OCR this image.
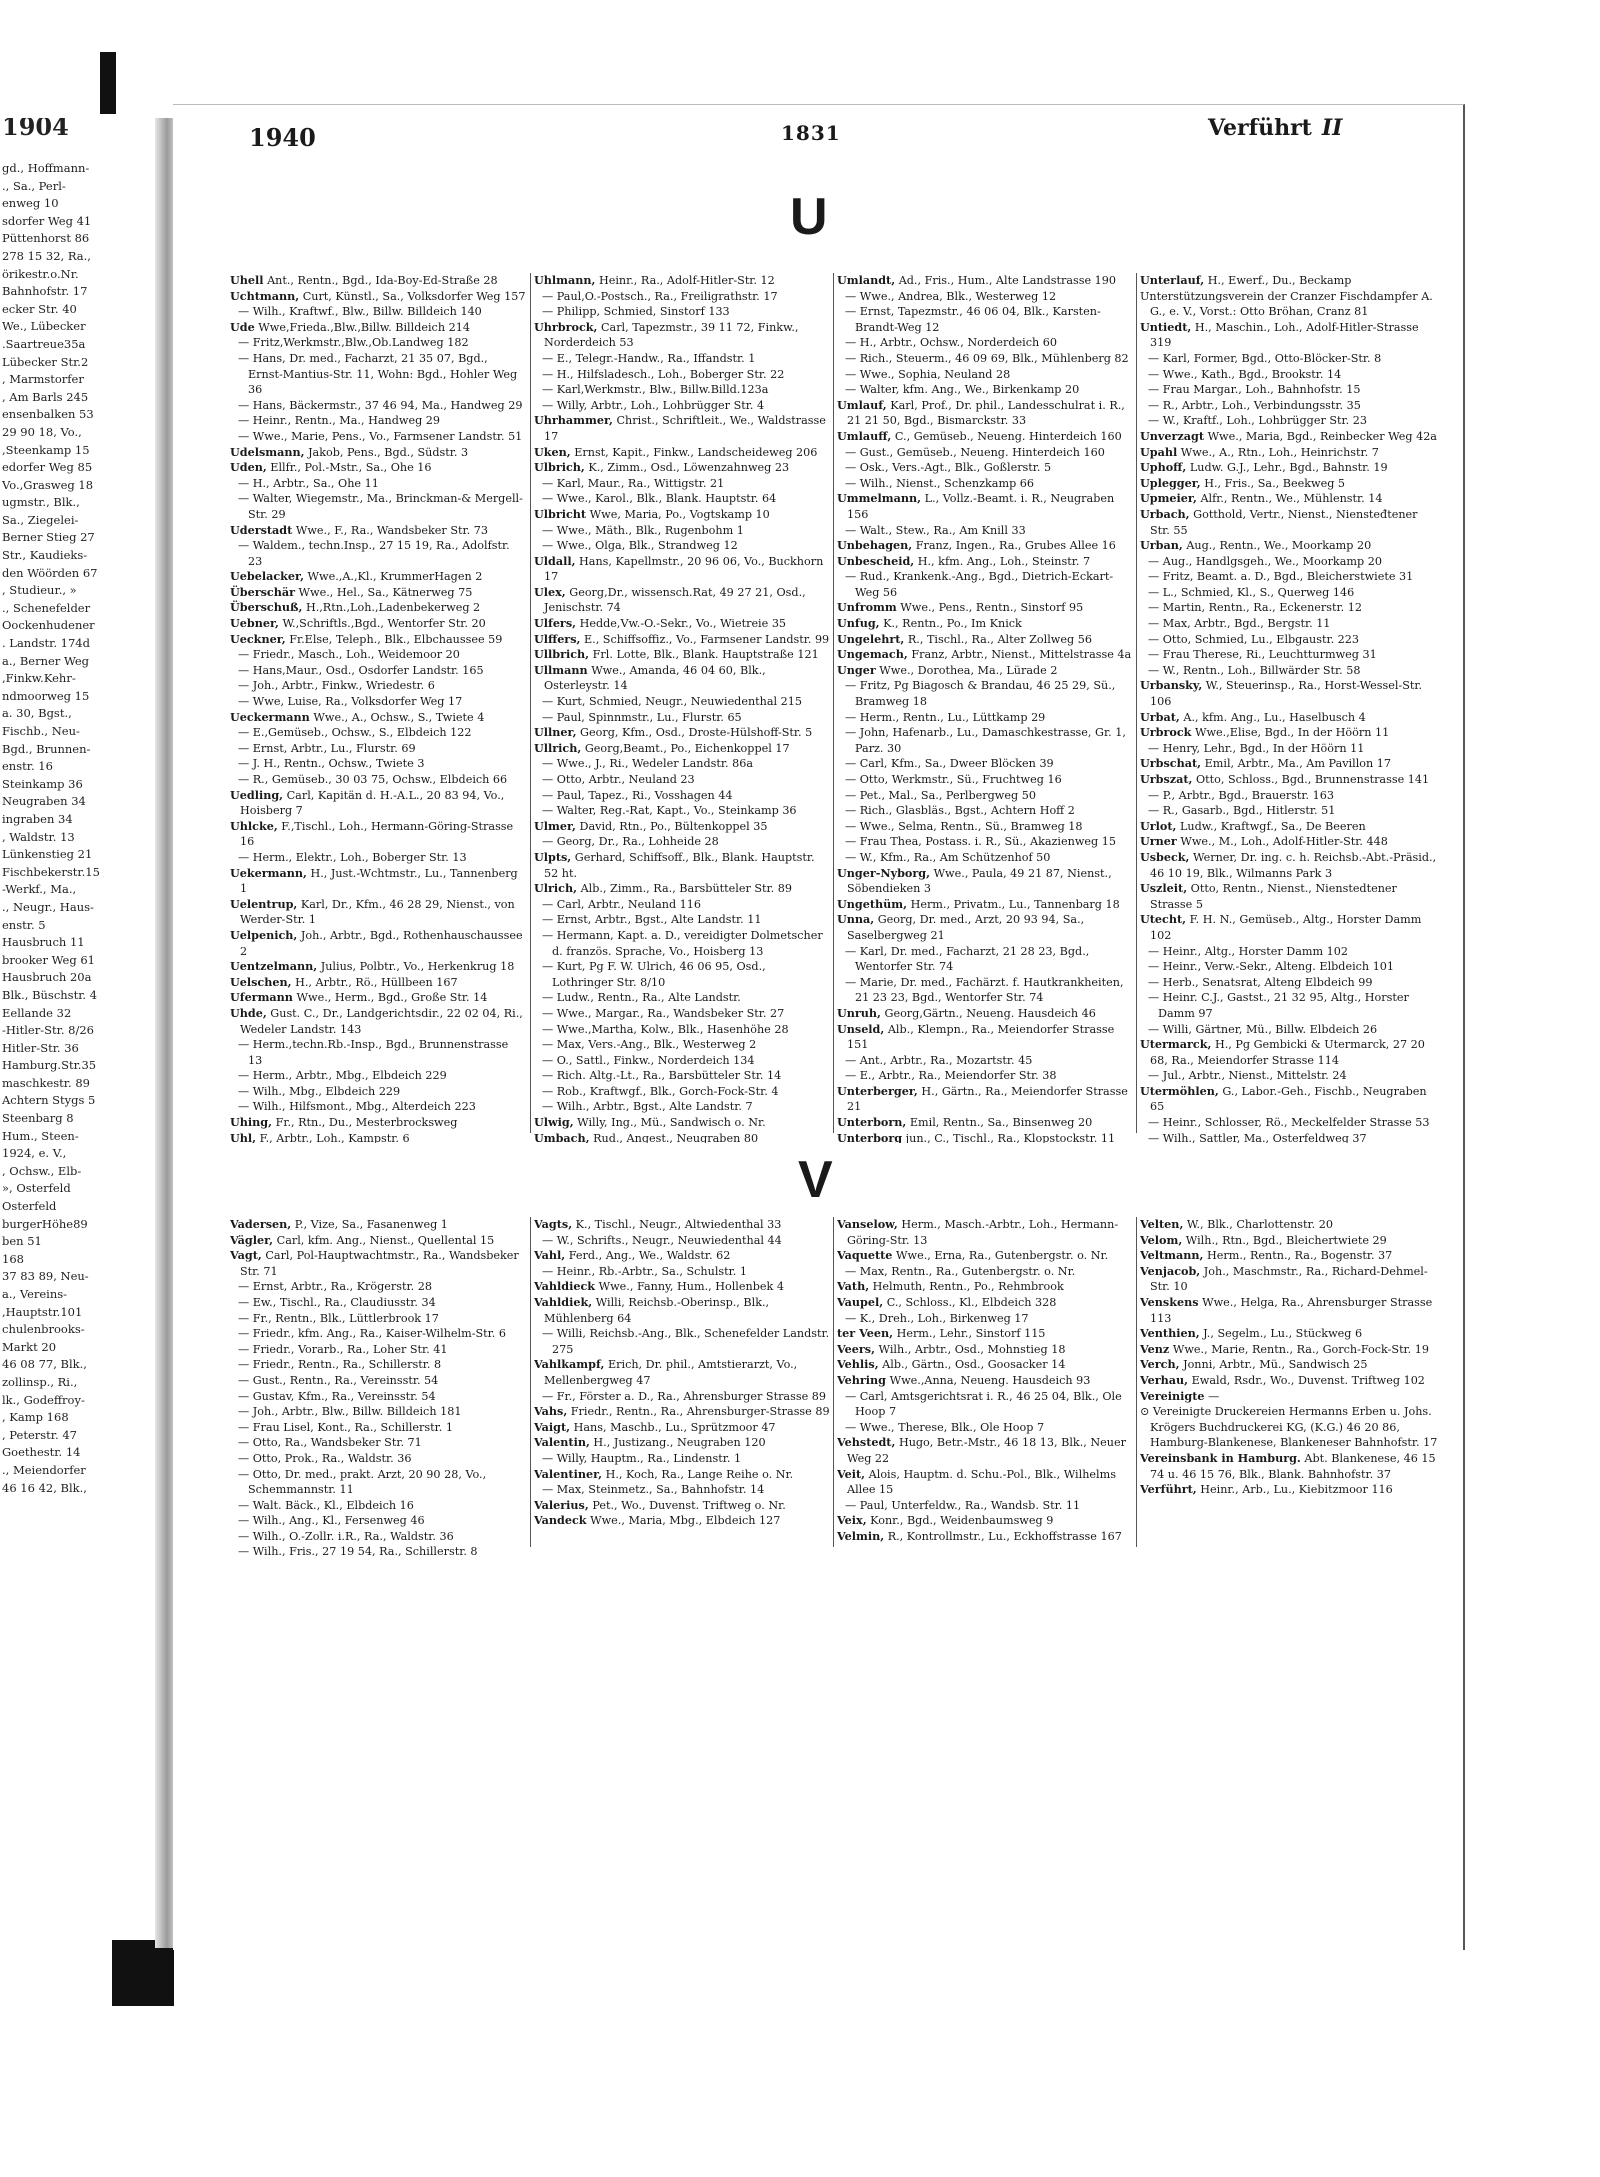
1904
gd., Hoffmann-
., Sa., Perl-
enweg 10
sdorfer Weg 41
Püttenhorst 86
278 15 32, Ra.,
örikestr.o.Nr.
Bahnhofstr. 17
ecker Str. 40
We., Lübecker
.Saartreue35a
Lübecker Str.2
, Marmstorfer
, Am Barls 245
ensenbalken 53
29 90 18, Vo.,
,Steenkamp 15
edorfer Weg 85
Vo.,Grasweg 18
ugmstr., Blk.,
Sa., Ziegelei-
Berner Stieg 27
Str., Kaudieks-
den Wöörden 67
, Studieur., »
., Schenefelder
Oockenhudener
. Landstr. 174d
a., Berner Weg
,Finkw.Kehr-
ndmoorweg 15
a. 30, Bgst.,
Fischb., Neu-
Bgd., Brunnen-
enstr. 16
Steinkamp 36
Neugraben 34
ingraben 34
, Waldstr. 13
Lünkenstieg 21
Fischbekerstr.15
-Werkf., Ma.,
., Neugr., Haus-
enstr. 5
Hausbruch 11
brooker Weg 61
Hausbruch 20a
Blk., Büschstr. 4
Eellande 32
-Hitler-Str. 8/26
Hitler-Str. 36
Hamburg.Str.35
maschkestr. 89
Achtern Stygs 5
Steenbarg 8
Hum., Steen-
1924, e. V.,
, Ochsw., Elb-
», Osterfeld
Osterfeld
burgerHöhe89
ben 51
168
37 83 89, Neu-
a., Vereins-
,Hauptstr.101
chulenbrooks-
Markt 20
46 08 77, Blk.,
zollinsp., Ri.,
lk., Godeffroy-
, Kamp 168
, Peterstr. 47
Goethestr. 14
., Meiendorfer
46 16 42, Blk.,
1940	1831	Verführt II
U
Uhell Ant., Rentn., Bgd., Ida-Boy-Ed-Straße 28
Uchtmann, Curt, Künstl., Sa., Volksdorfer Weg 157
— Wilh., Kraftwf., Blw., Billw. Billdeich 140
Ude Wwe,Frieda.,Blw.,Billw. Billdeich 214
— Fritz,Werkmstr.,Blw.,Ob.Landweg 182
— Hans, Dr. med., Facharzt, 21 35 07, Bgd., Ernst-Mantius-Str. 11, Wohn: Bgd., Hohler Weg 36
— Hans, Bäckermstr., 37 46 94, Ma., Handweg 29
— Heinr., Rentn., Ma., Handweg 29
— Wwe., Marie, Pens., Vo., Farmsener Landstr. 51
Udelsmann, Jakob, Pens., Bgd., Südstr. 3
Uden, Ellfr., Pol.-Mstr., Sa., Ohe 16
— H., Arbtr., Sa., Ohe 11
— Walter, Wiegemstr., Ma., Brinckman-& Mergell-Str. 29
Uderstadt Wwe., F., Ra., Wandsbeker Str. 73
— Waldem., techn.Insp., 27 15 19, Ra., Adolfstr. 23
Uebelacker, Wwe.,A.,Kl., KrummerHagen 2
Überschär Wwe., Hel., Sa., Kätnerweg 75
Überschuß, H.,Rtn.,Loh.,Ladenbekerweg 2
Uebner, W.,Schriftls.,Bgd., Wentorfer Str. 20
Ueckner, Fr.Else, Teleph., Blk., Elbchaussee 59
— Friedr., Masch., Loh., Weidemoor 20
— Hans,Maur., Osd., Osdorfer Landstr. 165
— Joh., Arbtr., Finkw., Wriedestr. 6
— Wwe, Luise, Ra., Volksdorfer Weg 17
Ueckermann Wwe., A., Ochsw., S., Twiete 4
— E.,Gemüseb., Ochsw., S., Elbdeich 122
— Ernst, Arbtr., Lu., Flurstr. 69
— J. H., Rentn., Ochsw., Twiete 3
— R., Gemüseb., 30 03 75, Ochsw., Elbdeich 66
Uedling, Carl, Kapitän d. H.-A.L., 20 83 94, Vo., Hoisberg 7
Uhlcke, F.,Tischl., Loh., Hermann-Göring-Strasse 16
— Herm., Elektr., Loh., Boberger Str. 13
Uekermann, H., Just.-Wchtmstr., Lu., Tannenberg 1
Uelentrup, Karl, Dr., Kfm., 46 28 29, Nienst., von Werder-Str. 1
Uelpenich, Joh., Arbtr., Bgd., Rothenhauschaussee 2
Uentzelmann, Julius, Polbtr., Vo., Herkenkrug 18
Uelschen, H., Arbtr., Rö., Hüllbeen 167
Ufermann Wwe., Herm., Bgd., Große Str. 14
Uhde, Gust. C., Dr., Landgerichtsdir., 22 02 04, Ri., Wedeler Landstr. 143
— Herm.,techn.Rb.-Insp., Bgd., Brunnenstrasse 13
— Herm., Arbtr., Mbg., Elbdeich 229
— Wilh., Mbg., Elbdeich 229
— Wilh., Hilfsmont., Mbg., Alterdeich 223
Uhing, Fr., Rtn., Du., Mesterbrocksweg
Uhl, F., Arbtr., Loh., Kampstr. 6
Uhlmann, Heinr., Ra., Adolf-Hitler-Str. 12
— Paul,O.-Postsch., Ra., Freiligrathstr. 17
— Philipp, Schmied, Sinstorf 133
Uhrbrock, Carl, Tapezmstr., 39 11 72, Finkw., Norderdeich 53
— E., Telegr.-Handw., Ra., Iffandstr. 1
— H., Hilfsladesch., Loh., Boberger Str. 22
— Karl,Werkmstr., Blw., Billw.Billd.123a
— Willy, Arbtr., Loh., Lohbrügger Str. 4
Uhrhammer, Christ., Schriftleit., We., Waldstrasse 17
Uken, Ernst, Kapit., Finkw., Landscheideweg 206
Ulbrich, K., Zimm., Osd., Löwenzahnweg 23
— Karl, Maur., Ra., Wittigstr. 21
— Wwe., Karol., Blk., Blank. Hauptstr. 64
Ulbricht Wwe, Maria, Po., Vogtskamp 10
— Wwe., Mäth., Blk., Rugenbohm 1
— Wwe., Olga, Blk., Strandweg 12
Uldall, Hans, Kapellmstr., 20 96 06, Vo., Buckhorn 17
Ulex, Georg,Dr., wissensch.Rat, 49 27 21, Osd., Jenischstr. 74
Ulfers, Hedde,Vw.-O.-Sekr., Vo., Wietreie 35
Ulffers, E., Schiffsoffiz., Vo., Farmsener Landstr. 99
Ullbrich, Frl. Lotte, Blk., Blank. Hauptstraße 121
Ullmann Wwe., Amanda, 46 04 60, Blk., Osterleystr. 14
— Kurt, Schmied, Neugr., Neuwiedenthal 215
— Paul, Spinnmstr., Lu., Flurstr. 65
Ullner, Georg, Kfm., Osd., Droste-Hülshoff-Str. 5
Ullrich, Georg,Beamt., Po., Eichenkoppel 17
— Wwe., J., Ri., Wedeler Landstr. 86a
— Otto, Arbtr., Neuland 23
— Paul, Tapez., Ri., Vosshagen 44
— Walter, Reg.-Rat, Kapt., Vo., Steinkamp 36
Ulmer, David, Rtn., Po., Bültenkoppel 35
— Georg, Dr., Ra., Lohheide 28
Ulpts, Gerhard, Schiffsoff., Blk., Blank. Hauptstr. 52 ht.
Ulrich, Alb., Zimm., Ra., Barsbütteler Str. 89
— Carl, Arbtr., Neuland 116
— Ernst, Arbtr., Bgst., Alte Landstr. 11
— Hermann, Kapt. a. D., vereidigter Dolmetscher d. französ. Sprache, Vo., Hoisberg 13
— Kurt, Pg F. W. Ulrich, 46 06 95, Osd., Lothringer Str. 8/10
— Ludw., Rentn., Ra., Alte Landstr.
— Wwe., Margar., Ra., Wandsbeker Str. 27
— Wwe.,Martha, Kolw., Blk., Hasenhöhe 28
— Max, Vers.-Ang., Blk., Westerweg 2
— O., Sattl., Finkw., Norderdeich 134
— Rich. Altg.-Lt., Ra., Barsbütteler Str. 14
— Rob., Kraftwgf., Blk., Gorch-Fock-Str. 4
— Wilh., Arbtr., Bgst., Alte Landstr. 7
Ulwig, Willy, Ing., Mü., Sandwisch o. Nr.
Umbach, Rud., Angest., Neugraben 80
Umlandt, Ad., Fris., Hum., Alte Landstrasse 190
— Wwe., Andrea, Blk., Westerweg 12
— Ernst, Tapezmstr., 46 06 04, Blk., Karsten-Brandt-Weg 12
— H., Arbtr., Ochsw., Norderdeich 60
— Rich., Steuerm., 46 09 69, Blk., Mühlenberg 82
— Wwe., Sophia, Neuland 28
— Walter, kfm. Ang., We., Birkenkamp 20
Umlauf, Karl, Prof., Dr. phil., Landesschulrat i. R., 21 21 50, Bgd., Bismarckstr. 33
Umlauff, C., Gemüseb., Neueng. Hinterdeich 160
— Gust., Gemüseb., Neueng. Hinterdeich 160
— Osk., Vers.-Agt., Blk., Goßlerstr. 5
— Wilh., Nienst., Schenzkamp 66
Ummelmann, L., Vollz.-Beamt. i. R., Neugraben 156
— Walt., Stew., Ra., Am Knill 33
Unbehagen, Franz, Ingen., Ra., Grubes Allee 16
Unbescheid, H., kfm. Ang., Loh., Steinstr. 7
— Rud., Krankenk.-Ang., Bgd., Dietrich-Eckart-Weg 56
Unfromm Wwe., Pens., Rentn., Sinstorf 95
Unfug, K., Rentn., Po., Im Knick
Ungelehrt, R., Tischl., Ra., Alter Zollweg 56
Ungemach, Franz, Arbtr., Nienst., Mittelstrasse 4a
Unger Wwe., Dorothea, Ma., Lürade 2
— Fritz, Pg Biagosch & Brandau, 46 25 29, Sü., Bramweg 18
— Herm., Rentn., Lu., Lüttkamp 29
— John, Hafenarb., Lu., Damaschkestrasse, Gr. 1, Parz. 30
— Carl, Kfm., Sa., Dweer Blöcken 39
— Otto, Werkmstr., Sü., Fruchtweg 16
— Pet., Mal., Sa., Perlbergweg 50
— Rich., Glasbläs., Bgst., Achtern Hoff 2
— Wwe., Selma, Rentn., Sü., Bramweg 18
— Frau Thea, Postass. i. R., Sü., Akazienweg 15
— W., Kfm., Ra., Am Schützenhof 50
Unger-Nyborg, Wwe., Paula, 49 21 87, Nienst., Söbendieken 3
Ungethüm, Herm., Privatm., Lu., Tannenbarg 18
Unna, Georg, Dr. med., Arzt, 20 93 94, Sa., Saselbergweg 21
— Karl, Dr. med., Facharzt, 21 28 23, Bgd., Wentorfer Str. 74
— Marie, Dr. med., Fachärzt. f. Hautkrankheiten, 21 23 23, Bgd., Wentorfer Str. 74
Unruh, Georg,Gärtn., Neueng. Hausdeich 46
Unseld, Alb., Klempn., Ra., Meiendorfer Strasse 151
— Ant., Arbtr., Ra., Mozartstr. 45
— E., Arbtr., Ra., Meiendorfer Str. 38
Unterberger, H., Gärtn., Ra., Meiendorfer Strasse 21
Unterborn, Emil, Rentn., Sa., Binsenweg 20
Unterborg jun., C., Tischl., Ra., Klopstockstr. 11
Unterlauf, H., Ewerf., Du., Beckamp
Unterstützungsverein der Cranzer Fischdampfer A. G., e. V., Vorst.: Otto Bröhan, Cranz 81
Untiedt, H., Maschin., Loh., Adolf-Hitler-Strasse 319
— Karl, Former, Bgd., Otto-Blöcker-Str. 8
— Wwe., Kath., Bgd., Brookstr. 14
— Frau Margar., Loh., Bahnhofstr. 15
— R., Arbtr., Loh., Verbindungsstr. 35
— W., Kraftf., Loh., Lohbrügger Str. 23
Unverzagt Wwe., Maria, Bgd., Reinbecker Weg 42a
Upahl Wwe., A., Rtn., Loh., Heinrichstr. 7
Uphoff, Ludw. G.J., Lehr., Bgd., Bahnstr. 19
Uplegger, H., Fris., Sa., Beekweg 5
Upmeier, Alfr., Rentn., We., Mühlenstr. 14
Urbach, Gotthold, Vertr., Nienst., Niensteđtener Str. 55
Urban, Aug., Rentn., We., Moorkamp 20
— Aug., Handlgsgeh., We., Moorkamp 20
— Fritz, Beamt. a. D., Bgd., Bleicherstwiete 31
— L., Schmied, Kl., S., Querweg 146
— Martin, Rentn., Ra., Eckenerstr. 12
— Max, Arbtr., Bgd., Bergstr. 11
— Otto, Schmied, Lu., Elbgaustr. 223
— Frau Therese, Ri., Leuchtturmweg 31
— W., Rentn., Loh., Billwärder Str. 58
Urbansky, W., Steuerinsp., Ra., Horst-Wessel-Str. 106
Urbat, A., kfm. Ang., Lu., Haselbusch 4
Urbrock Wwe.,Elise, Bgd., In der Höörn 11
— Henry, Lehr., Bgd., In der Höörn 11
Urbschat, Emil, Arbtr., Ma., Am Pavillon 17
Urbszat, Otto, Schloss., Bgd., Brunnenstrasse 141
— P., Arbtr., Bgd., Brauerstr. 163
— R., Gasarb., Bgd., Hitlerstr. 51
Urlot, Ludw., Kraftwgf., Sa., De Beeren
Urner Wwe., M., Loh., Adolf-Hitler-Str. 448
Usbeck, Werner, Dr. ing. c. h. Reichsb.-Abt.-Präsid., 46 10 19, Blk., Wilmanns Park 3
Uszleit, Otto, Rentn., Nienst., Nienstedtener Strasse 5
Utecht, F. H. N., Gemüseb., Altg., Horster Damm 102
— Heinr., Altg., Horster Damm 102
— Heinr., Verw.-Sekr., Alteng. Elbdeich 101
— Herb., Senatsrat, Alteng Elbdeich 99
— Heinr. C.J., Gastst., 21 32 95, Altg., Horster Damm 97
— Willi, Gärtner, Mü., Billw. Elbdeich 26
Utermarck, H., Pg Gembicki & Utermarck, 27 20 68, Ra., Meiendorfer Strasse 114
— Jul., Arbtr., Nienst., Mittelstr. 24
Utermöhlen, G., Labor.-Geh., Fischb., Neugraben 65
— Heinr., Schlosser, Rö., Meckelfelder Strasse 53
— Wilh., Sattler, Ma., Osterfeldweg 37
V
Vadersen, P., Vize, Sa., Fasanenweg 1
Vägler, Carl, kfm. Ang., Nienst., Quellental 15
Vagt, Carl, Pol-Hauptwachtmstr., Ra., Wandsbeker Str. 71
— Ernst, Arbtr., Ra., Krögerstr. 28
— Ew., Tischl., Ra., Claudiusstr. 34
— Fr., Rentn., Blk., Lüttlerbrook 17
— Friedr., kfm. Ang., Ra., Kaiser-Wilhelm-Str. 6
— Friedr., Vorarb., Ra., Loher Str. 41
— Friedr., Rentn., Ra., Schillerstr. 8
— Gust., Rentn., Ra., Vereinsstr. 54
— Gustav, Kfm., Ra., Vereinsstr. 54
— Joh., Arbtr., Blw., Billw. Billdeich 181
— Frau Lisel, Kont., Ra., Schillerstr. 1
— Otto, Ra., Wandsbeker Str. 71
— Otto, Prok., Ra., Waldstr. 36
— Otto, Dr. med., prakt. Arzt, 20 90 28, Vo., Schemmannstr. 11
— Walt. Bäck., Kl., Elbdeich 16
— Wilh., Ang., Kl., Fersenweg 46
— Wilh., O.-Zollr. i.R., Ra., Waldstr. 36
— Wilh., Fris., 27 19 54, Ra., Schillerstr. 8
Vagts, K., Tischl., Neugr., Altwiedenthal 33
— W., Schrifts., Neugr., Neuwiedenthal 44
Vahl, Ferd., Ang., We., Waldstr. 62
— Heinr., Rb.-Arbtr., Sa., Schulstr. 1
Vahldieck Wwe., Fanny, Hum., Hollenbek 4
Vahldiek, Willi, Reichsb.-Oberinsp., Blk., Mühlenberg 64
— Willi, Reichsb.-Ang., Blk., Schenefelder Landstr. 275
Vahlkampf, Erich, Dr. phil., Amtstierarzt, Vo., Mellenbergweg 47
— Fr., Förster a. D., Ra., Ahrensburger Strasse 89
Vahs, Friedr., Rentn., Ra., Ahrensburger-Strasse 89
Vaigt, Hans, Maschb., Lu., Sprützmoor 47
Valentin, H., Justizang., Neugraben 120
— Willy, Hauptm., Ra., Lindenstr. 1
Valentiner, H., Koch, Ra., Lange Reihe o. Nr.
— Max, Steinmetz., Sa., Bahnhofstr. 14
Valerius, Pet., Wo., Duvenst. Triftweg o. Nr.
Vandeck Wwe., Maria, Mbg., Elbdeich 127
Vanselow, Herm., Masch.-Arbtr., Loh., Hermann-Göring-Str. 13
Vaquette Wwe., Erna, Ra., Gutenbergstr. o. Nr.
— Max, Rentn., Ra., Gutenbergstr. o. Nr.
Vath, Helmuth, Rentn., Po., Rehmbrook
Vaupel, C., Schloss., Kl., Elbdeich 328
— K., Dreh., Loh., Birkenweg 17
ter Veen, Herm., Lehr., Sinstorf 115
Veers, Wilh., Arbtr., Osd., Mohnstieg 18
Vehlis, Alb., Gärtn., Osd., Goosacker 14
Vehring Wwe.,Anna, Neueng. Hausdeich 93
— Carl, Amtsgerichtsrat i. R., 46 25 04, Blk., Ole Hoop 7
— Wwe., Therese, Blk., Ole Hoop 7
Vehstedt, Hugo, Betr.-Mstr., 46 18 13, Blk., Neuer Weg 22
Veit, Alois, Hauptm. d. Schu.-Pol., Blk., Wilhelms Allee 15
— Paul, Unterfeldw., Ra., Wandsb. Str. 11
Veix, Konr., Bgd., Weidenbaumsweg 9
Velmin, R., Kontrollmstr., Lu., Eckhoffstrasse 167
Velten, W., Blk., Charlottenstr. 20
Velom, Wilh., Rtn., Bgd., Bleichertwiete 29
Veltmann, Herm., Rentn., Ra., Bogenstr. 37
Venjacob, Joh., Maschmstr., Ra., Richard-Dehmel-Str. 10
Venskens Wwe., Helga, Ra., Ahrensburger Strasse 113
Venthien, J., Segelm., Lu., Stückweg 6
Venz Wwe., Marie, Rentn., Ra., Gorch-Fock-Str. 19
Verch, Jonni, Arbtr., Mü., Sandwisch 25
Verhau, Ewald, Rsdr., Wo., Duvenst. Triftweg 102
Vereinigte —
⊙ Vereinigte Druckereien Hermanns Erben u. Johs. Krögers Buchdruckerei KG, (K.G.) 46 20 86, Hamburg-Blankenese, Blankeneser Bahnhofstr. 17
Vereinsbank in Hamburg. Abt. Blankenese, 46 15 74 u. 46 15 76, Blk., Blank. Bahnhofstr. 37
Verführt, Heinr., Arb., Lu., Kiebitzmoor 116
